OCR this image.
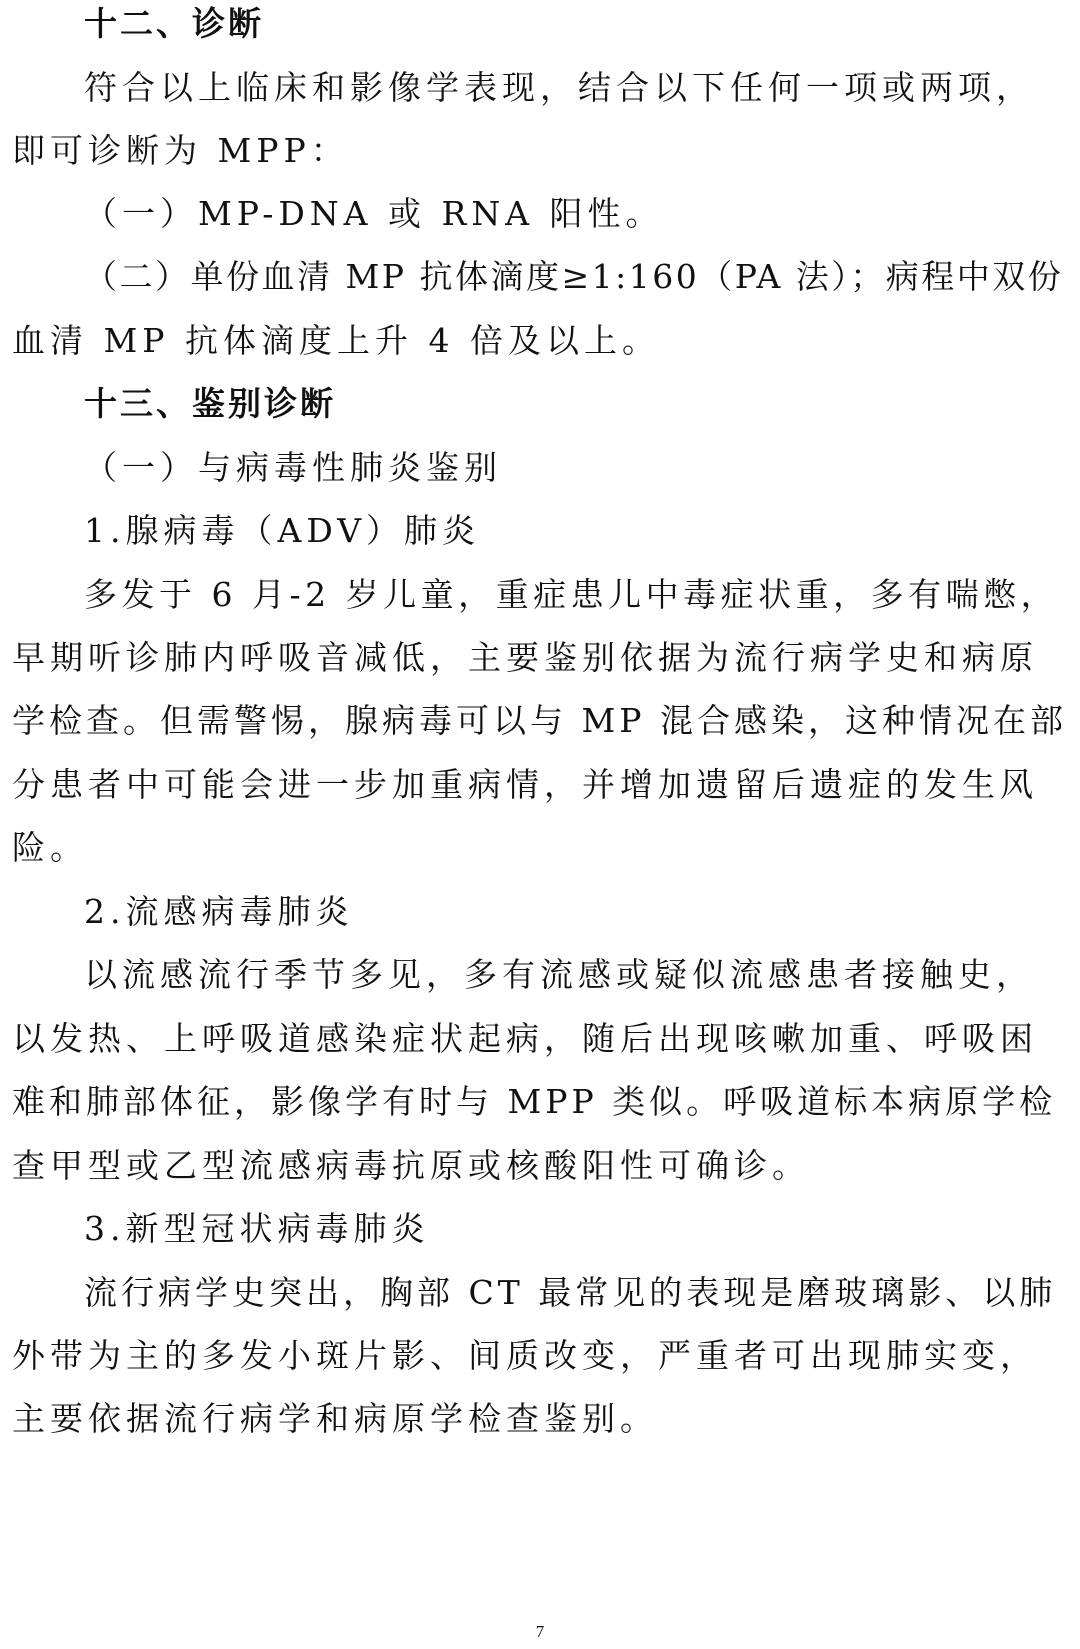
十二、诊断

符合以上临床和影像学表现，结合以下任何一项或两项，

即可诊断为 MPP：

（一）MP-DNA 或 RNA 阳性。

（二）单份血清 MP 抗体滴度≥1:160（PA 法）；病程中双份

血清 MP 抗体滴度上升 4 倍及以上。

十三、鉴别诊断

（一）与病毒性肺炎鉴别

1.腺病毒（ADV）肺炎

多发于 6 月-2 岁儿童，重症患儿中毒症状重，多有喘憋，

早期听诊肺内呼吸音减低，主要鉴别依据为流行病学史和病原

学检查。但需警惕，腺病毒可以与 MP 混合感染，这种情况在部

分患者中可能会进一步加重病情，并增加遗留后遗症的发生风

险。

2.流感病毒肺炎

以流感流行季节多见，多有流感或疑似流感患者接触史，

以发热、上呼吸道感染症状起病，随后出现咳嗽加重、呼吸困

难和肺部体征，影像学有时与 MPP 类似。呼吸道标本病原学检

查甲型或乙型流感病毒抗原或核酸阳性可确诊。

3.新型冠状病毒肺炎

流行病学史突出，胸部 CT 最常见的表现是磨玻璃影、以肺

外带为主的多发小斑片影、间质改变，严重者可出现肺实变，

主要依据流行病学和病原学检查鉴别。

7
